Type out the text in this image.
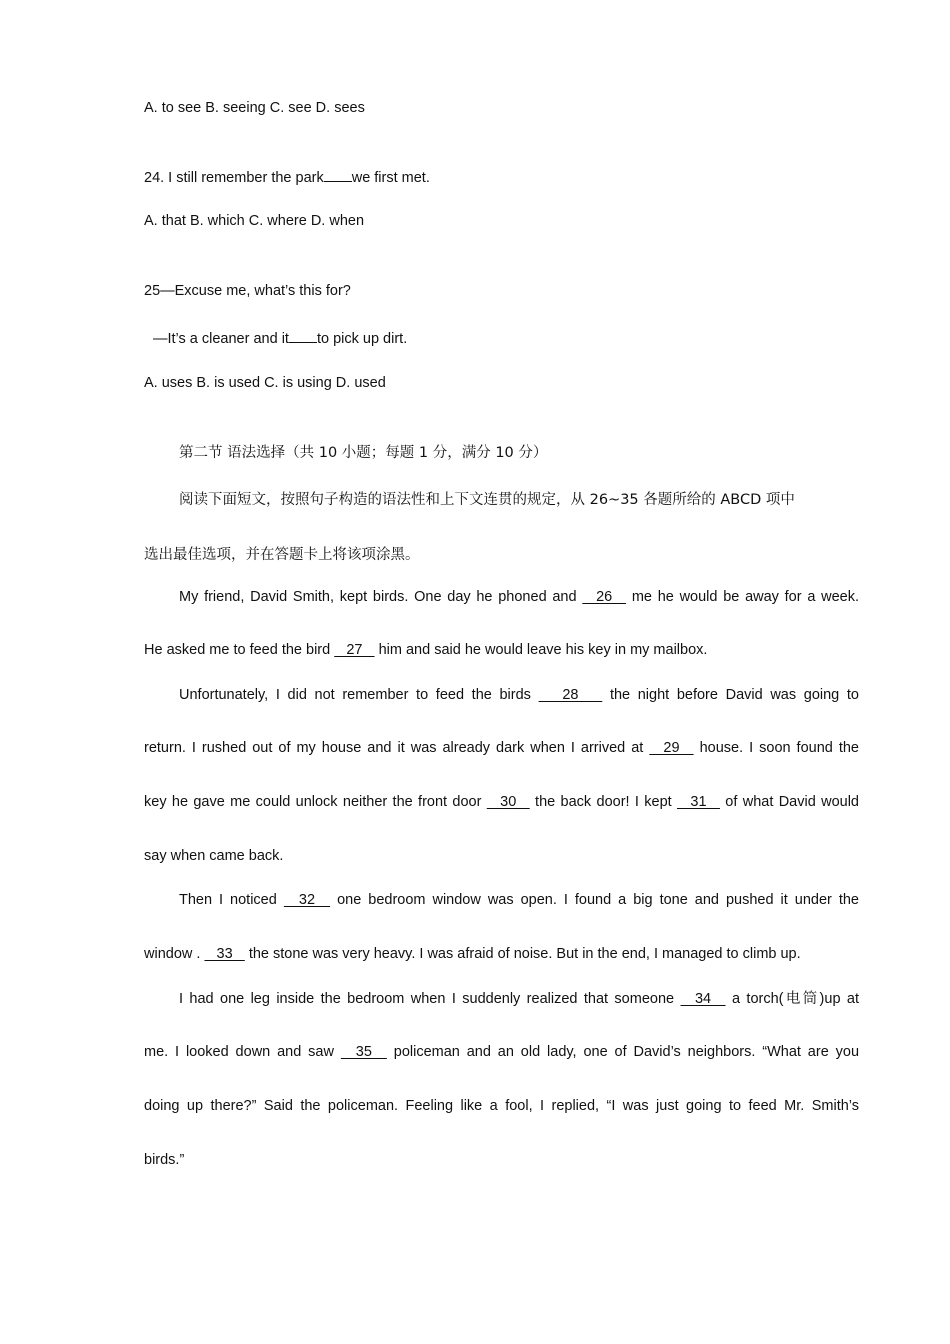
A. to see B. seeing C. see D. sees
24. I still remember the park we first met.
A. that B. which C. where D. when
25—Excuse me, what’s this for?
—It’s a cleaner and it to pick up dirt.
A. uses B. is used C. is using D. used
第二节 语法选择（共 10 小题；每题 1 分，满分 10 分）
阅读下面短文，按照句子构造的语法性和上下文连贯的规定，从 26~35 各题所给的 ABCD 项中
选出最佳选项，并在答题卡上将该项涂黑。
My friend, David Smith, kept birds. One day he phoned and  _26_  me he would be away for a week.
He asked me to feed the bird  _27_  him and said he would leave his key in my mailbox.
Unfortunately, I did not remember to feed the birds  __28__  the night before David was going to
return. I rushed out of my house and it was already dark when I arrived at  _29_  house. I soon found the
key he gave me could unlock neither the front door  _30_  the back door! I kept  _31_  of what David would
say when came back.
Then I noticed  _32_  one bedroom window was open. I found a big tone and pushed it under the
window .  _33_  the stone was very heavy. I was afraid of noise. But in the end, I managed to climb up.
I had one leg inside the bedroom when I suddenly realized that someone  _34_  a torch(电筒)up at
me. I looked down and saw  _35_  policeman and an old lady, one of David’s neighbors. “What are you
doing up there?” Said the policeman. Feeling like a fool, I replied, “I was just going to feed Mr. Smith’s
birds.”
